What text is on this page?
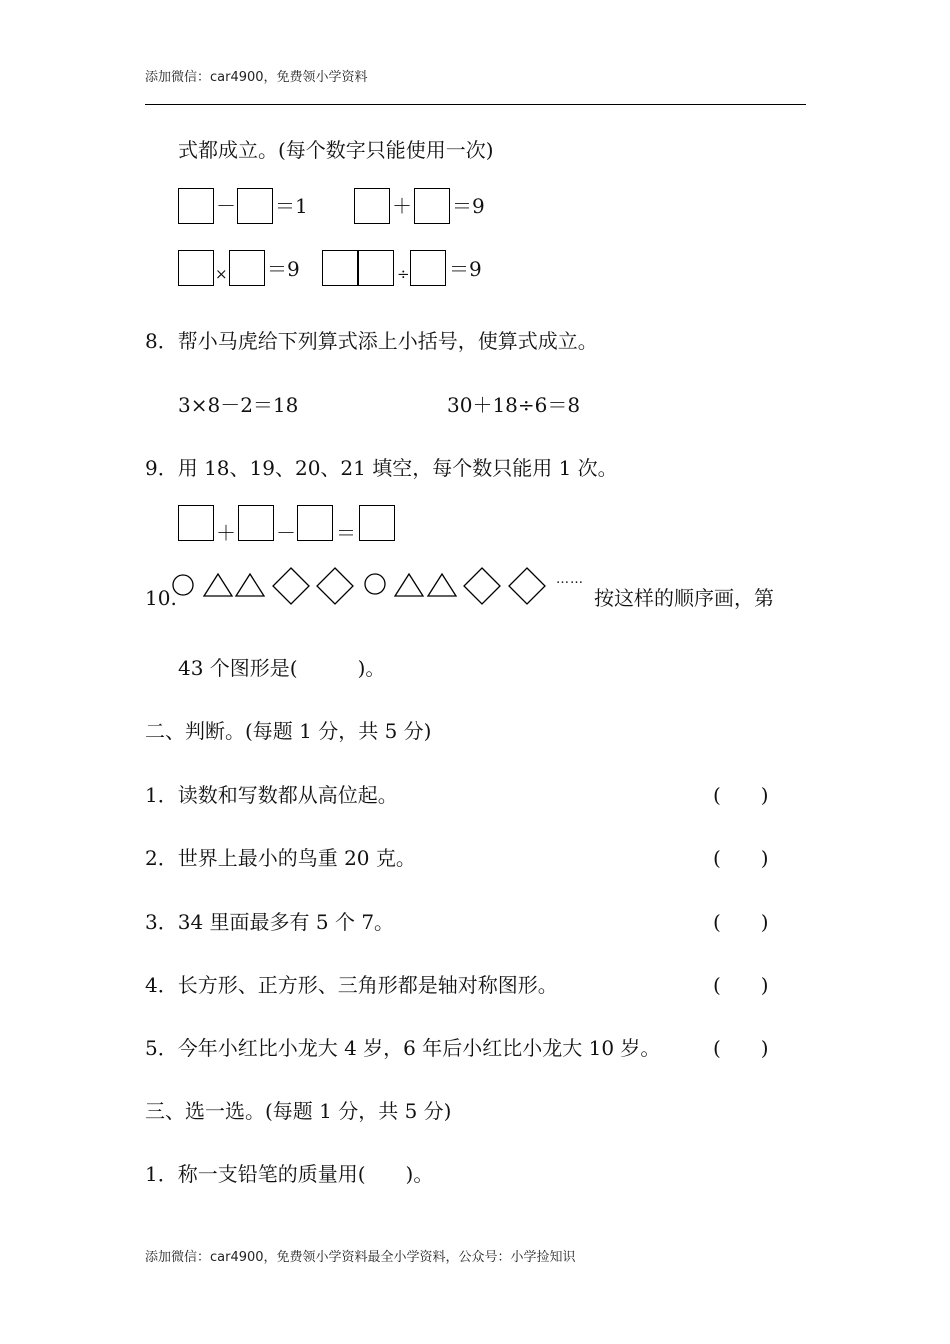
添加微信：car4900，免费领小学资料
式都成立。(每个数字只能使用一次)
－ ＝1	＋ ＝9
× ＝9	÷ ＝9
8．帮小马虎给下列算式添上小括号，使算式成立。
3×8－2＝18	30＋18÷6＝8
9．用 18、19、20、21 填空，每个数只能用 1 次。
＋ － ＝
10.
……
按这样的顺序画，第
43 个图形是(　　　)。
二、判断。(每题 1 分，共 5 分)
1．读数和写数都从高位起。	(　　)
2．世界上最小的鸟重 20 克。	(　　)
3．34 里面最多有 5 个 7。	(　　)
4．长方形、正方形、三角形都是轴对称图形。	(　　)
5．今年小红比小龙大 4 岁，6 年后小红比小龙大 10 岁。	(　　)
三、选一选。(每题 1 分，共 5 分)
1．称一支铅笔的质量用(　　)。
添加微信：car4900，免费领小学资料最全小学资料，公众号：小学捡知识
